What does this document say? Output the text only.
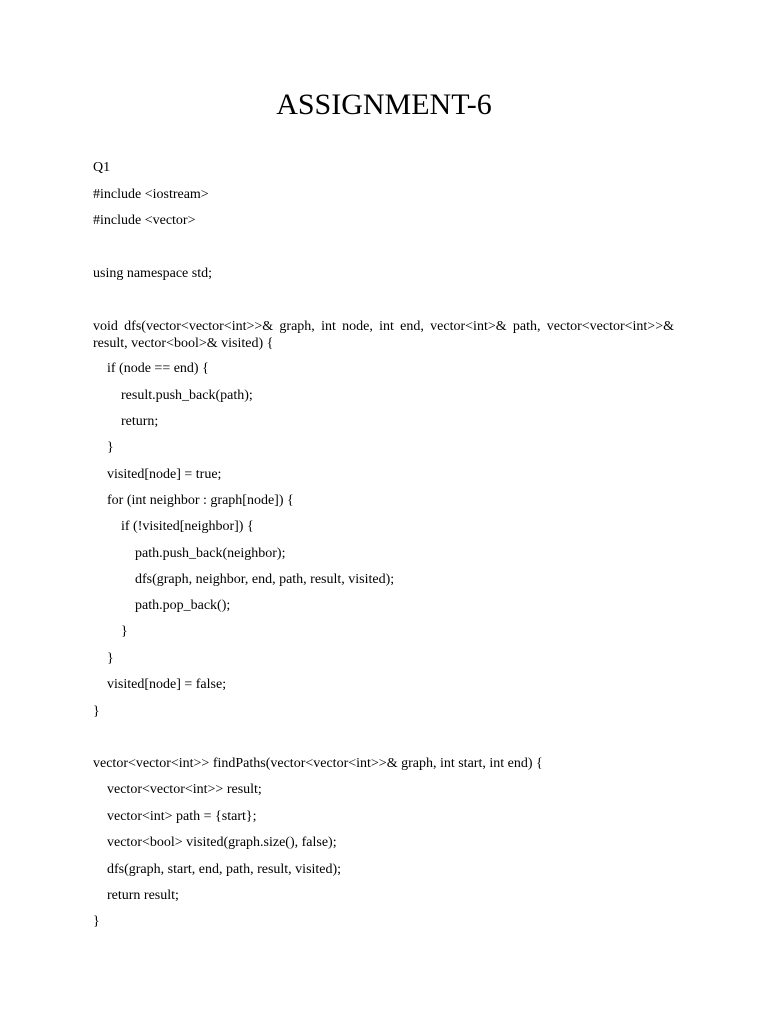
ASSIGNMENT-6
Q1
#include <iostream>
#include <vector>
using namespace std;
void dfs(vector<vector<int>>& graph, int node, int end, vector<int>& path, vector<vector<int>>& result, vector<bool>& visited) {
if (node == end) {
result.push_back(path);
return;
}
visited[node] = true;
for (int neighbor : graph[node]) {
if (!visited[neighbor]) {
path.push_back(neighbor);
dfs(graph, neighbor, end, path, result, visited);
path.pop_back();
}
}
visited[node] = false;
}
vector<vector<int>> findPaths(vector<vector<int>>& graph, int start, int end) {
vector<vector<int>> result;
vector<int> path = {start};
vector<bool> visited(graph.size(), false);
dfs(graph, start, end, path, result, visited);
return result;
}
